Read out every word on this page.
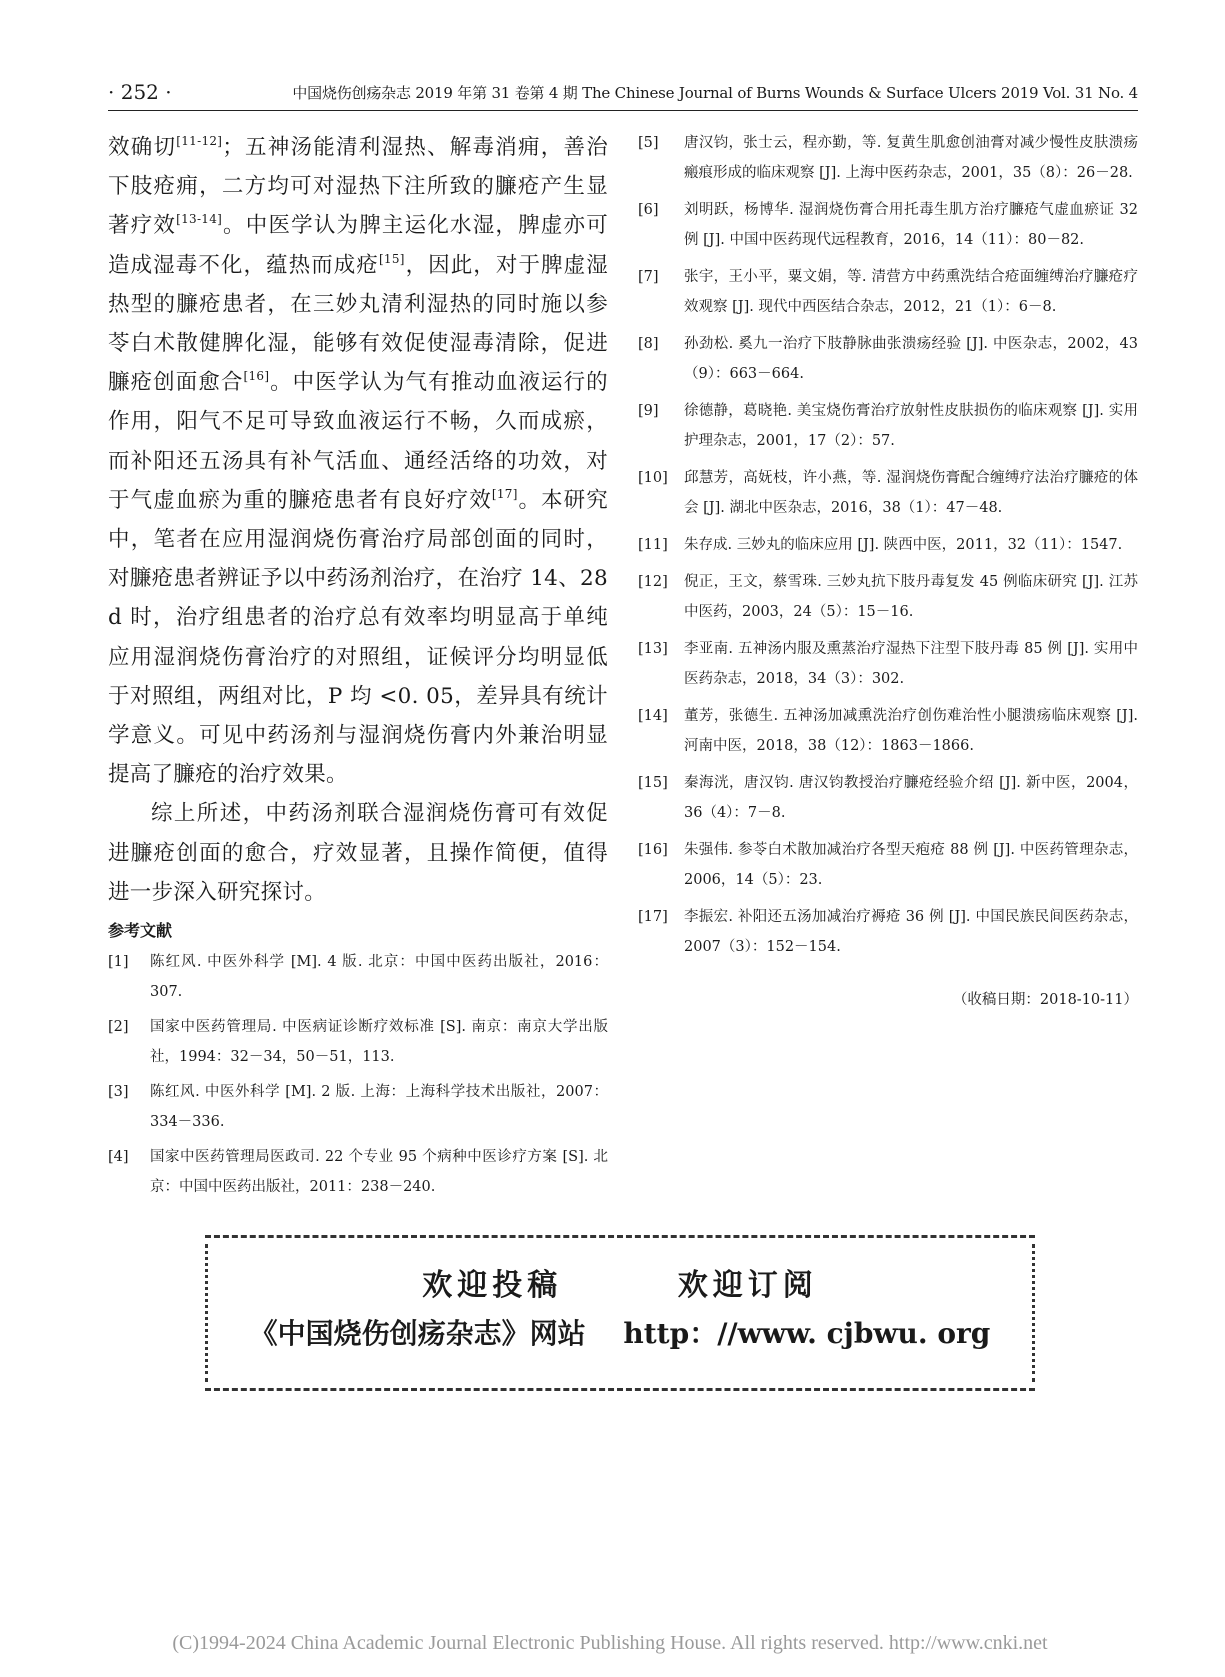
· 252 ·	中国烧伤创疡杂志 2019 年第 31 卷第 4 期 The Chinese Journal of Burns Wounds & Surface Ulcers 2019 Vol. 31 No. 4

效确切[11-12]；五神汤能清利湿热、解毒消痈，善治下肢疮痈，二方均可对湿热下注所致的臁疮产生显著疗效[13-14]。中医学认为脾主运化水湿，脾虚亦可造成湿毒不化，蕴热而成疮[15]，因此，对于脾虚湿热型的臁疮患者，在三妙丸清利湿热的同时施以参苓白术散健脾化湿，能够有效促使湿毒清除，促进臁疮创面愈合[16]。中医学认为气有推动血液运行的作用，阳气不足可导致血液运行不畅，久而成瘀，而补阳还五汤具有补气活血、通经活络的功效，对于气虚血瘀为重的臁疮患者有良好疗效[17]。本研究中，笔者在应用湿润烧伤膏治疗局部创面的同时，对臁疮患者辨证予以中药汤剂治疗，在治疗 14、28 d 时，治疗组患者的治疗总有效率均明显高于单纯应用湿润烧伤膏治疗的对照组，证候评分均明显低于对照组，两组对比，P 均 <0. 05，差异具有统计学意义。可见中药汤剂与湿润烧伤膏内外兼治明显提高了臁疮的治疗效果。

综上所述，中药汤剂联合湿润烧伤膏可有效促进臁疮创面的愈合，疗效显著，且操作简便，值得进一步深入研究探讨。

参考文献
[1]	陈红风. 中医外科学 [M]. 4 版. 北京：中国中医药出版社，2016：307.
[2]	国家中医药管理局. 中医病证诊断疗效标准 [S]. 南京：南京大学出版社，1994：32－34，50－51，113.
[3]	陈红风. 中医外科学 [M]. 2 版. 上海：上海科学技术出版社，2007：334－336.
[4]	国家中医药管理局医政司. 22 个专业 95 个病种中医诊疗方案 [S]. 北京：中国中医药出版社，2011：238－240.
[5]	唐汉钧，张士云，程亦勤，等. 复黄生肌愈创油膏对减少慢性皮肤溃疡瘢痕形成的临床观察 [J]. 上海中医药杂志，2001，35（8）：26－28.
[6]	刘明跃，杨博华. 湿润烧伤膏合用托毒生肌方治疗臁疮气虚血瘀证 32 例 [J]. 中国中医药现代远程教育，2016，14（11）：80－82.
[7]	张宇，王小平，粟文娟，等. 清营方中药熏洗结合疮面缠缚治疗臁疮疗效观察 [J]. 现代中西医结合杂志，2012，21（1）：6－8.
[8]	孙劲松. 奚九一治疗下肢静脉曲张溃疡经验 [J]. 中医杂志，2002，43（9）：663－664.
[9]	徐德静，葛晓艳. 美宝烧伤膏治疗放射性皮肤损伤的临床观察 [J]. 实用护理杂志，2001，17（2）：57.
[10]	邱慧芳，高妩枝，许小燕，等. 湿润烧伤膏配合缠缚疗法治疗臁疮的体会 [J]. 湖北中医杂志，2016，38（1）：47－48.
[11]	朱存成. 三妙丸的临床应用 [J]. 陕西中医，2011，32（11）：1547.
[12]	倪正，王文，蔡雪珠. 三妙丸抗下肢丹毒复发 45 例临床研究 [J]. 江苏中医药，2003，24（5）：15－16.
[13]	李亚南. 五神汤内服及熏蒸治疗湿热下注型下肢丹毒 85 例 [J]. 实用中医药杂志，2018，34（3）：302.
[14]	董芳，张德生. 五神汤加减熏洗治疗创伤难治性小腿溃疡临床观察 [J]. 河南中医，2018，38（12）：1863－1866.
[15]	秦海洸，唐汉钧. 唐汉钧教授治疗臁疮经验介绍 [J]. 新中医，2004，36（4）：7－8.
[16]	朱强伟. 参苓白术散加减治疗各型天疱疮 88 例 [J]. 中医药管理杂志，2006，14（5）：23.
[17]	李振宏. 补阳还五汤加减治疗褥疮 36 例 [J]. 中国民族民间医药杂志，2007（3）：152－154.
（收稿日期：2018-10-11）
欢迎投稿	欢迎订阅
《中国烧伤创疡杂志》网站 http：//www. cjbwu. org
(C)1994-2024 China Academic Journal Electronic Publishing House. All rights reserved. http://www.cnki.net
